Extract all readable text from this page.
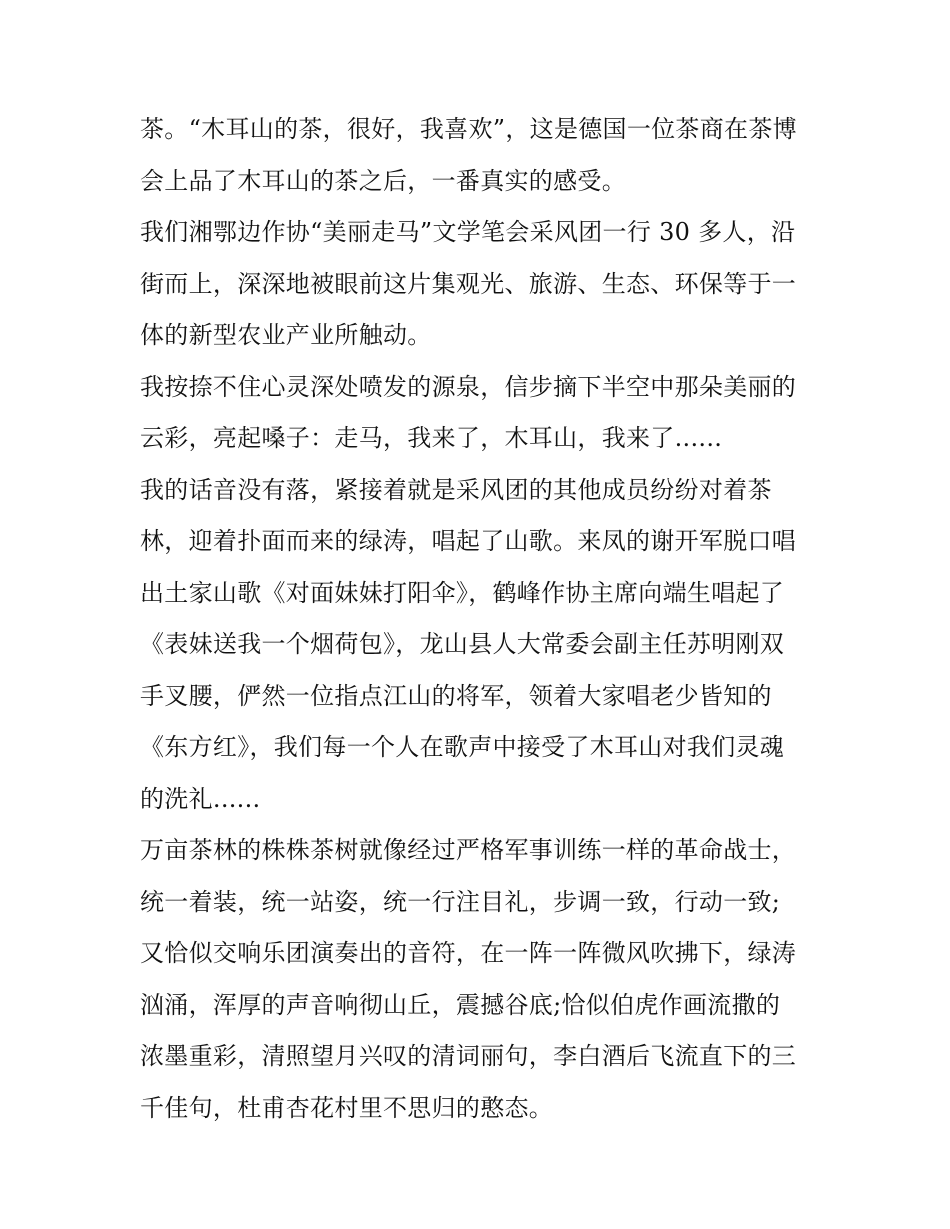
茶。“木耳山的茶，很好，我喜欢”，这是德国一位茶商在茶博
会上品了木耳山的茶之后，一番真实的感受。
我们湘鄂边作协“美丽走马”文学笔会采风团一行 30 多人，沿
街而上，深深地被眼前这片集观光、旅游、生态、环保等于一
体的新型农业产业所触动。
我按捺不住心灵深处喷发的源泉，信步摘下半空中那朵美丽的
云彩，亮起嗓子：走马，我来了，木耳山，我来了......
我的话音没有落，紧接着就是采风团的其他成员纷纷对着茶
林，迎着扑面而来的绿涛，唱起了山歌。来凤的谢开军脱口唱
出土家山歌《对面妹妹打阳伞》，鹤峰作协主席向端生唱起了
《表妹送我一个烟荷包》，龙山县人大常委会副主任苏明刚双
手叉腰，俨然一位指点江山的将军，领着大家唱老少皆知的
《东方红》，我们每一个人在歌声中接受了木耳山对我们灵魂
的洗礼......
万亩茶林的株株茶树就像经过严格军事训练一样的革命战士，
统一着装，统一站姿，统一行注目礼，步调一致，行动一致;
又恰似交响乐团演奏出的音符，在一阵一阵微风吹拂下，绿涛
汹涌，浑厚的声音响彻山丘，震撼谷底;恰似伯虎作画流撒的
浓墨重彩，清照望月兴叹的清词丽句，李白酒后飞流直下的三
千佳句，杜甫杏花村里不思归的憨态。
